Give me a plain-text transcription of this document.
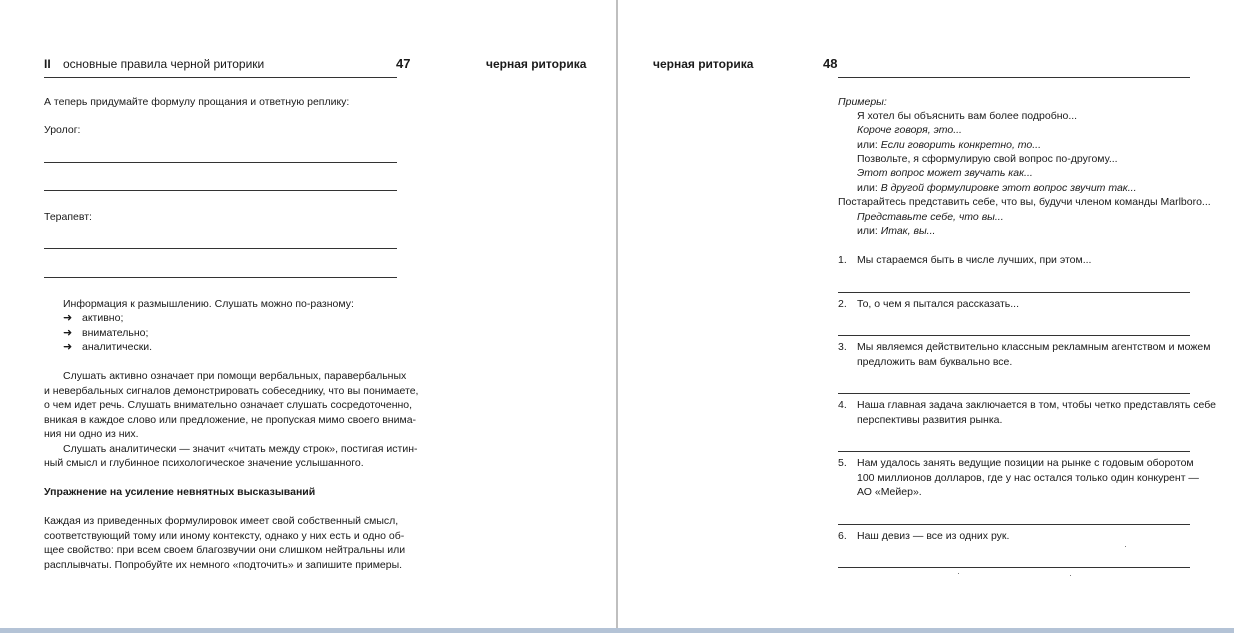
II основные правила черной риторики	47	черная риторика
А теперь придумайте формулу прощания и ответную реплику:
Уролог:
Терапевт:
Информация к размышлению. Слушать можно по-разному:
➜ активно;
➜ внимательно;
➜ аналитически.
Слушать активно означает при помощи вербальных, паравербальных
и невербальных сигналов демонстрировать собеседнику, что вы понимаете,
о чем идет речь. Слушать внимательно означает слушать сосредоточенно,
вникая в каждое слово или предложение, не пропуская мимо своего внима-
ния ни одно из них.
Слушать аналитически — значит «читать между строк», постигая истин-
ный смысл и глубинное психологическое значение услышанного.
Упражнение на усиление невнятных высказываний
Каждая из приведенных формулировок имеет свой собственный смысл,
соответствующий тому или иному контексту, однако у них есть и одно об-
щее свойство: при всем своем благозвучии они слишком нейтральны или
расплывчаты. Попробуйте их немного «подточить» и запишите примеры.
черная риторика	48
Примеры:
Я хотел бы объяснить вам более подробно...
Короче говоря, это...
или: Если говорить конкретно, то...
Позвольте, я сформулирую свой вопрос по-другому...
Этот вопрос может звучать как...
или: В другой формулировке этот вопрос звучит так...
Постарайтесь представить себе, что вы, будучи членом команды Marlboro...
Представьте себе, что вы...
или: Итак, вы...
1. Мы стараемся быть в числе лучших, при этом...
2. То, о чем я пытался рассказать...
3. Мы являемся действительно классным рекламным агентством и можем
предложить вам буквально все.
4. Наша главная задача заключается в том, чтобы четко представлять себе
перспективы развития рынка.
5. Нам удалось занять ведущие позиции на рынке с годовым оборотом
100 миллионов долларов, где у нас остался только один конкурент —
АО «Мейер».
6. Наш девиз — все из одних рук.
